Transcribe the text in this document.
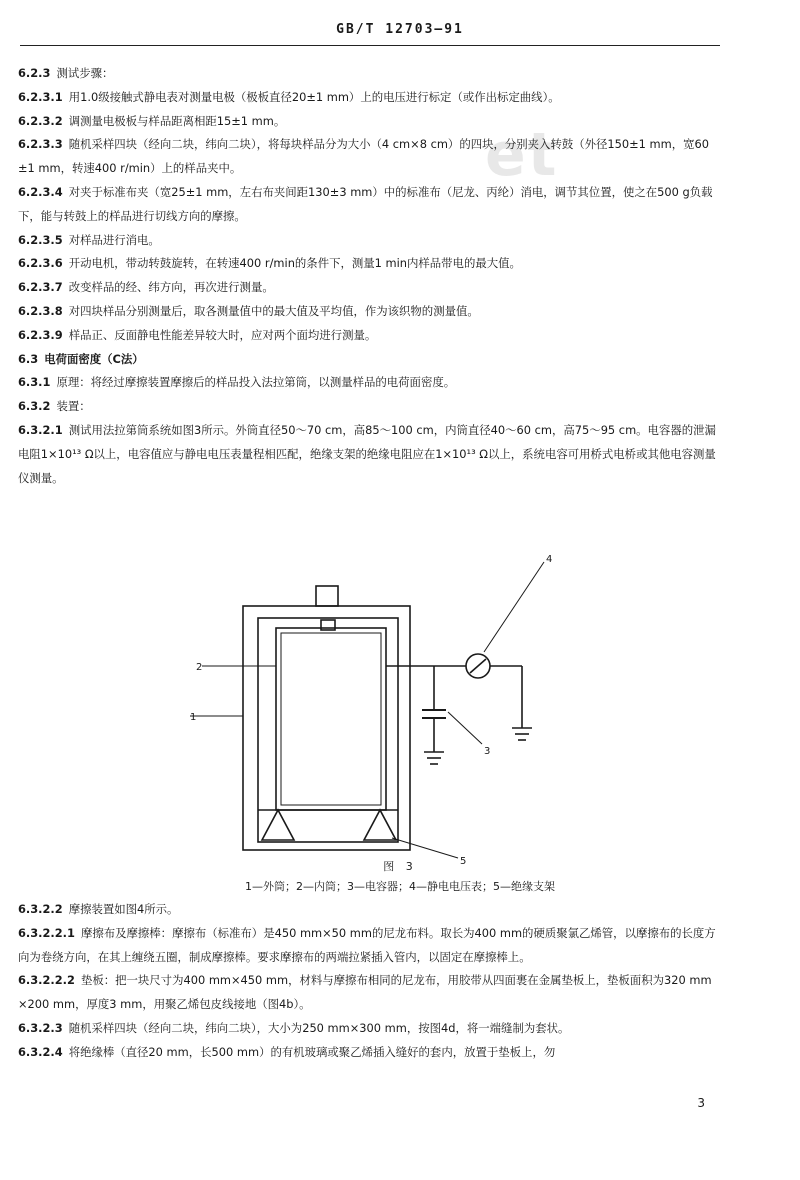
GB/T 12703—91
et

6.2.3 测试步骤：

6.2.3.1 用1.0级接触式静电表对测量电极（极板直径20±1 mm）上的电压进行标定（或作出标定曲线）。

6.2.3.2 调测量电极板与样品距离相距15±1 mm。

6.2.3.3 随机采样四块（经向二块，纬向二块），将每块样品分为大小（4 cm×8 cm）的四块，分别夹入转鼓（外径150±1 mm，宽60±1 mm，转速400 r/min）上的样品夹中。

6.2.3.4 对夹于标准布夹（宽25±1 mm，左右布夹间距130±3 mm）中的标准布（尼龙、丙纶）消电，调节其位置，使之在500 g负载下，能与转鼓上的样品进行切线方向的摩擦。

6.2.3.5 对样品进行消电。

6.2.3.6 开动电机，带动转鼓旋转，在转速400 r/min的条件下，测量1 min内样品带电的最大值。

6.2.3.7 改变样品的经、纬方向，再次进行测量。

6.2.3.8 对四块样品分别测量后，取各测量值中的最大值及平均值，作为该织物的测量值。

6.2.3.9 样品正、反面静电性能差异较大时，应对两个面均进行测量。

6.3 电荷面密度（C法）

6.3.1 原理：将经过摩擦装置摩擦后的样品投入法拉第筒，以测量样品的电荷面密度。

6.3.2 装置：

6.3.2.1 测试用法拉第筒系统如图3所示。外筒直径50～70 cm，高85～100 cm，内筒直径40～60 cm，高75～95 cm。电容器的泄漏电阻1×10¹³ Ω以上，电容值应与静电电压表量程相匹配，绝缘支架的绝缘电阻应在1×10¹³ Ω以上，系统电容可用桥式电桥或其他电容测量仪测量。

1
2
3
4
5
图 3
1—外筒；2—内筒；3—电容器；4—静电电压表；5—绝缘支架

6.3.2.2 摩擦装置如图4所示。

6.3.2.2.1 摩擦布及摩擦棒：摩擦布（标准布）是450 mm×50 mm的尼龙布料。取长为400 mm的硬质聚氯乙烯管，以摩擦布的长度方向为卷绕方向，在其上缠绕五圈，制成摩擦棒。要求摩擦布的两端拉紧插入管内，以固定在摩擦棒上。

6.3.2.2.2 垫板：把一块尺寸为400 mm×450 mm，材料与摩擦布相同的尼龙布，用胶带从四面裹在金属垫板上，垫板面积为320 mm×200 mm，厚度3 mm，用聚乙烯包皮线接地（图4b）。

6.3.2.3 随机采样四块（经向二块，纬向二块），大小为250 mm×300 mm，按图4d，将一端缝制为套状。

6.3.2.4 将绝缘棒（直径20 mm，长500 mm）的有机玻璃或聚乙烯插入缝好的套内，放置于垫板上，勿

3
